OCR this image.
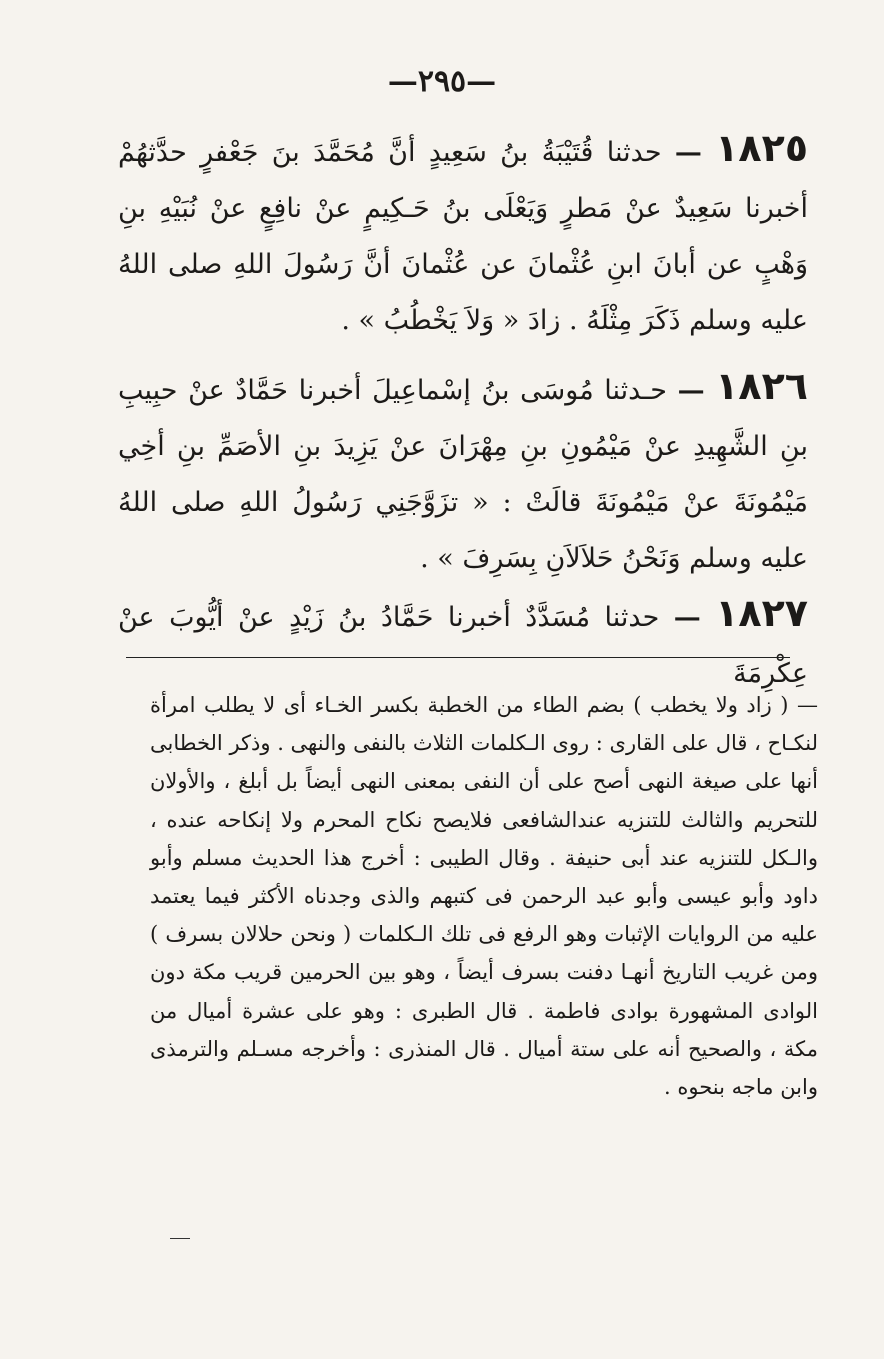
—٢٩٥—
١٨٢٥ — حدثنا قُتَيْبَةُ بنُ سَعِيدٍ أنَّ مُحَمَّدَ بنَ جَعْفرٍ حدَّثهُمْ أخبرنا سَعِيدٌ عنْ مَطرٍ وَيَعْلَى بنُ حَـكِيمٍ عنْ نافِعٍ عنْ نُبَيْهِ بنِ وَهْبٍ عن أبانَ ابنِ عُثْمانَ عن عُثْمانَ أنَّ رَسُولَ اللهِ صلى اللهُ عليه وسلم ذَكَرَ مِثْلَهُ . زادَ « وَلاَ يَخْطُبُ » .
١٨٢٦ — حـدثنا مُوسَى بنُ إسْماعِيلَ أخبرنا حَمَّادٌ عنْ حبِيبِ بنِ الشَّهِيدِ عنْ مَيْمُونِ بنِ مِهْرَانَ عنْ يَزِيدَ بنِ الأصَمِّ بنِ أخِي مَيْمُونَةَ عنْ مَيْمُونَةَ قالَتْ : « تزَوَّجَنِي رَسُولُ اللهِ صلى اللهُ عليه وسلم وَنَحْنُ حَلاَلاَنِ بِسَرِفَ » .
١٨٢٧ — حدثنا مُسَدَّدٌ أخبرنا حَمَّادُ بنُ زَيْدٍ عنْ أيُّوبَ عنْ عِكْرِمَةَ
— ( زاد ولا يخطب ) بضم الطاء من الخطبة بكسر الخـاء أى لا يطلب امرأة لنكـاح ، قال على القارى : روى الـكلمات الثلاث بالنفى والنهى . وذكر الخطابى أنها على صيغة النهى أصح على أن النفى بمعنى النهى أيضاً بل أبلغ ، والأولان للتحريم والثالث للتنزيه عندالشافعى فلايصح نكاح المحرم ولا إنكاحه عنده ، والـكل للتنزيه عند أبى حنيفة . وقال الطيبى : أخرج هذا الحديث مسلم وأبو داود وأبو عيسى وأبو عبد الرحمن فى كتبهم والذى وجدناه الأكثر فيما يعتمد عليه من الروايات الإثبات وهو الرفع فى تلك الـكلمات ( ونحن حلالان بسرف ) ومن غريب التاريخ أنهـا دفنت بسرف أيضاً ، وهو بين الحرمين قريب مكة دون الوادى المشهورة بوادى فاطمة . قال الطبرى : وهو على عشرة أميال من مكة ، والصحيح أنه على ستة أميال . قال المنذرى : وأخرجه مسـلم والترمذى وابن ماجه بنحوه .
